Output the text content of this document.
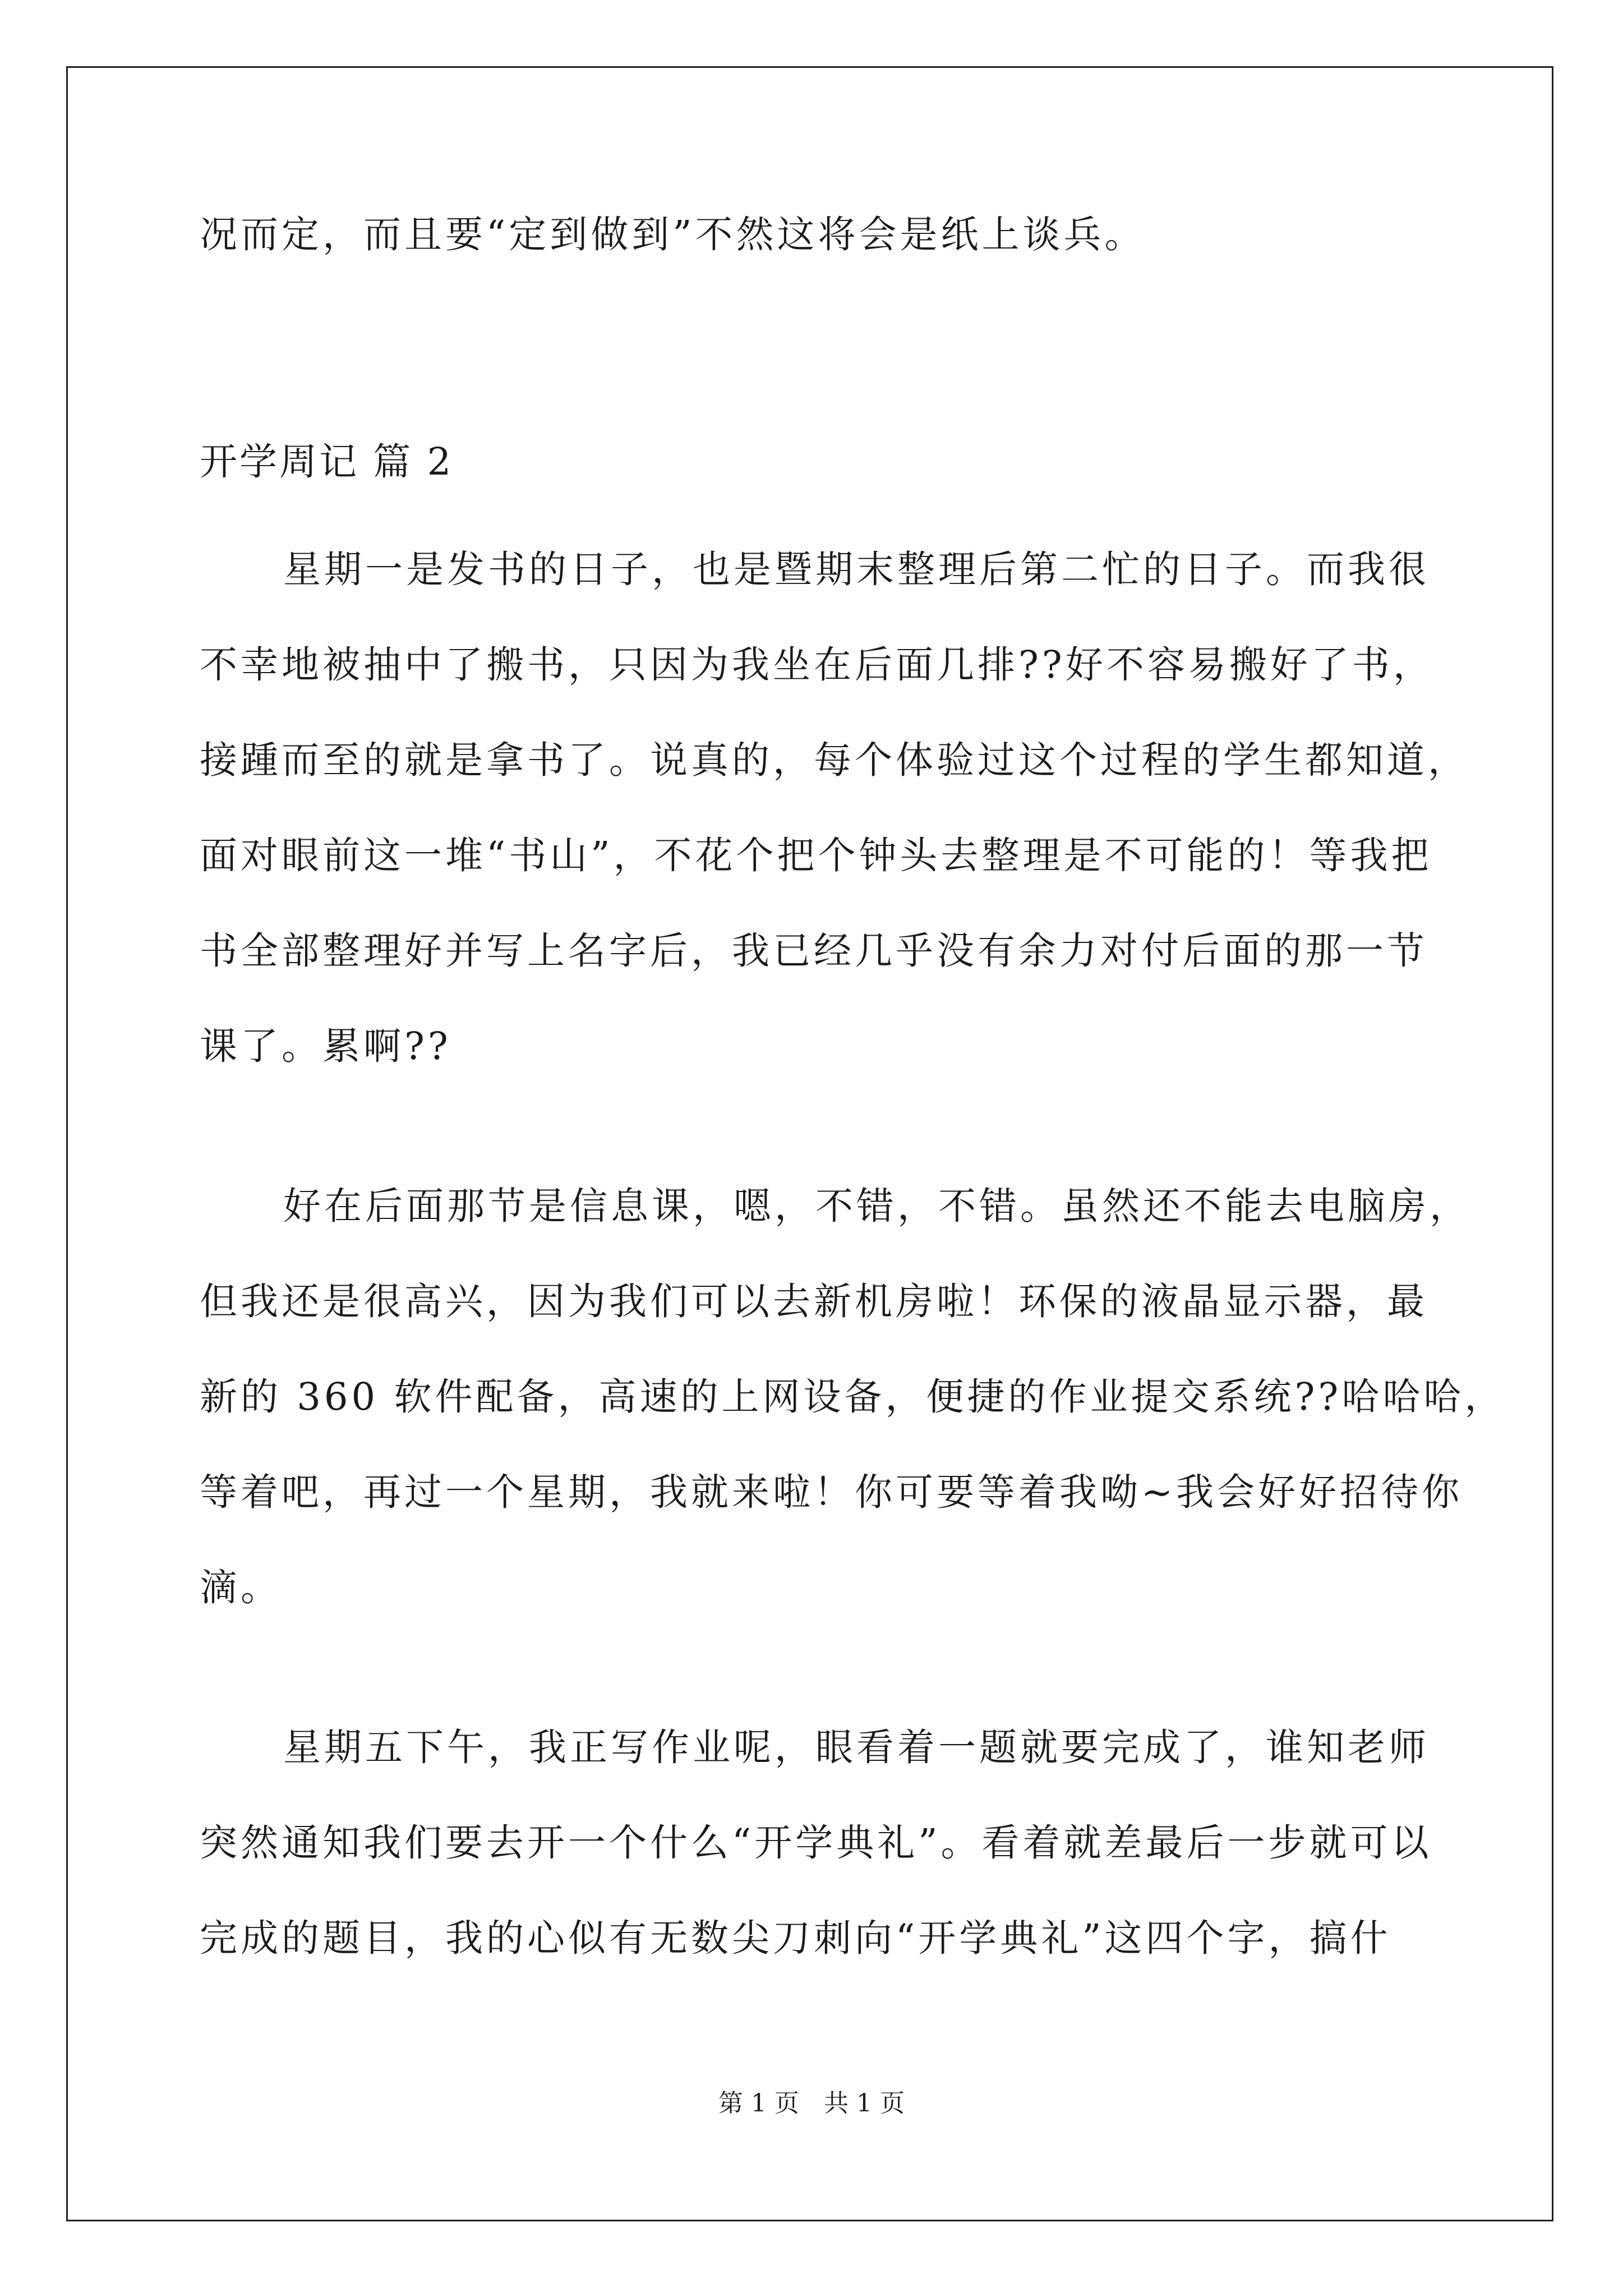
况而定，而且要“定到做到”不然这将会是纸上谈兵。
开学周记 篇 2
星期一是发书的日子，也是暨期末整理后第二忙的日子。而我很
不幸地被抽中了搬书，只因为我坐在后面几排??好不容易搬好了书，
接踵而至的就是拿书了。说真的，每个体验过这个过程的学生都知道，
面对眼前这一堆“书山”，不花个把个钟头去整理是不可能的！等我把
书全部整理好并写上名字后，我已经几乎没有余力对付后面的那一节
课了。累啊??
好在后面那节是信息课，嗯，不错，不错。虽然还不能去电脑房，
但我还是很高兴，因为我们可以去新机房啦！环保的液晶显示器，最
新的 360 软件配备，高速的上网设备，便捷的作业提交系统??哈哈哈，
等着吧，再过一个星期，我就来啦！你可要等着我呦~我会好好招待你
滴。
星期五下午，我正写作业呢，眼看着一题就要完成了，谁知老师
突然通知我们要去开一个什么“开学典礼”。看着就差最后一步就可以
完成的题目，我的心似有无数尖刀刺向“开学典礼”这四个字，搞什
第 1 页　共 1 页
